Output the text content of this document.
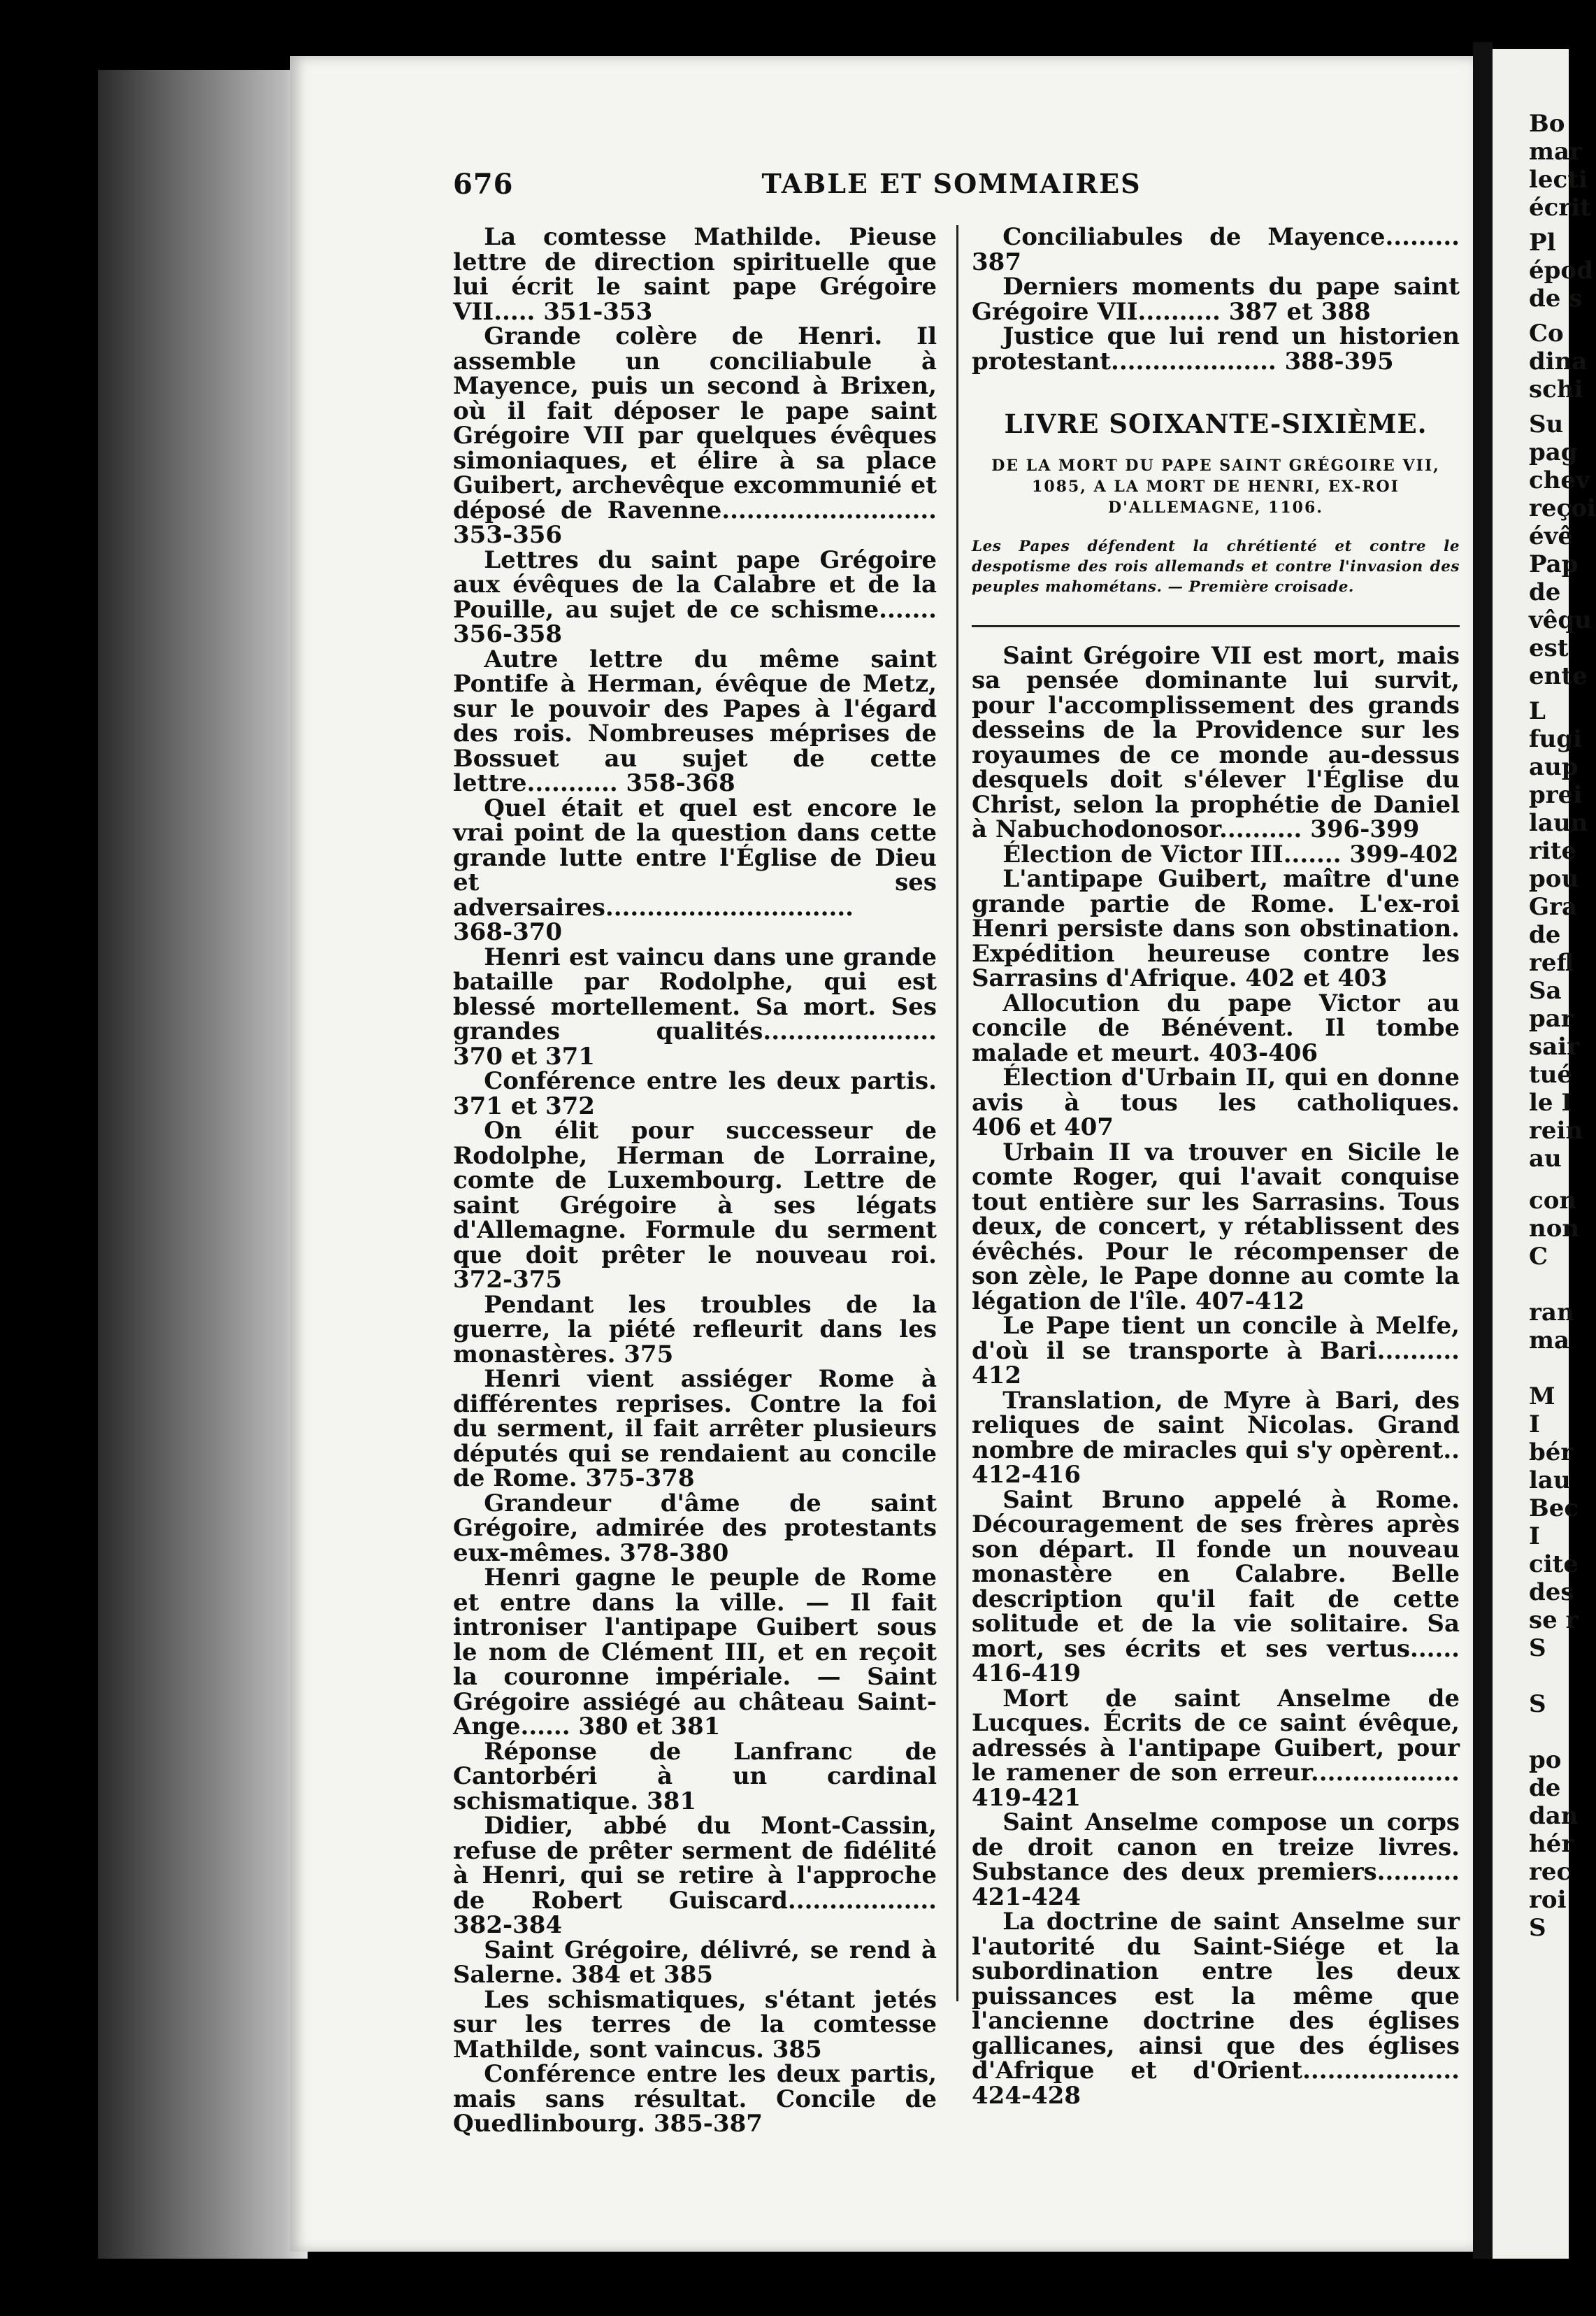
676	TABLE ET SOMMAIRES

La comtesse Mathilde. Pieuse lettre de direction spirituelle que lui écrit le saint pape Grégoire VII..... 351-353

Grande colère de Henri. Il assemble un conciliabule à Mayence, puis un second à Brixen, où il fait déposer le pape saint Grégoire VII par quelques évêques simoniaques, et élire à sa place Guibert, archevêque excommunié et déposé de Ravenne.......................... 353-356

Lettres du saint pape Grégoire aux évêques de la Calabre et de la Pouille, au sujet de ce schisme....... 356-358

Autre lettre du même saint Pontife à Herman, évêque de Metz, sur le pouvoir des Papes à l'égard des rois. Nombreuses méprises de Bossuet au sujet de cette lettre........... 358-368

Quel était et quel est encore le vrai point de la question dans cette grande lutte entre l'Église de Dieu et ses adversaires.............................. 368-370

Henri est vaincu dans une grande bataille par Rodolphe, qui est blessé mortellement. Sa mort. Ses grandes qualités..................... 370 et 371

Conférence entre les deux partis. 371 et 372

On élit pour successeur de Rodolphe, Herman de Lorraine, comte de Luxembourg. Lettre de saint Grégoire à ses légats d'Allemagne. Formule du serment que doit prêter le nouveau roi. 372-375

Pendant les troubles de la guerre, la piété refleurit dans les monastères. 375

Henri vient assiéger Rome à différentes reprises. Contre la foi du serment, il fait arrêter plusieurs députés qui se rendaient au concile de Rome. 375-378

Grandeur d'âme de saint Grégoire, admirée des protestants eux-mêmes. 378-380

Henri gagne le peuple de Rome et entre dans la ville. — Il fait introniser l'antipape Guibert sous le nom de Clément III, et en reçoit la couronne impériale. — Saint Grégoire assiégé au château Saint-Ange...... 380 et 381

Réponse de Lanfranc de Cantorbéri à un cardinal schismatique. 381

Didier, abbé du Mont-Cassin, refuse de prêter serment de fidélité à Henri, qui se retire à l'approche de Robert Guiscard.................. 382-384

Saint Grégoire, délivré, se rend à Salerne. 384 et 385

Les schismatiques, s'étant jetés sur les terres de la comtesse Mathilde, sont vaincus. 385

Conférence entre les deux partis, mais sans résultat. Concile de Quedlinbourg. 385-387

Conciliabules de Mayence......... 387

Derniers moments du pape saint Grégoire VII.......... 387 et 388

Justice que lui rend un historien protestant.................... 388-395

LIVRE SOIXANTE-SIXIÈME.
DE LA MORT DU PAPE SAINT GRÉGOIRE VII, 1085, A LA MORT DE HENRI, EX-ROI D'ALLEMAGNE, 1106.
Les Papes défendent la chrétienté et contre le despotisme des rois allemands et contre l'invasion des peuples mahométans. — Première croisade.

Saint Grégoire VII est mort, mais sa pensée dominante lui survit, pour l'accomplissement des grands desseins de la Providence sur les royaumes de ce monde au-dessus desquels doit s'élever l'Église du Christ, selon la prophétie de Daniel à Nabuchodonosor.......... 396-399

Élection de Victor III....... 399-402

L'antipape Guibert, maître d'une grande partie de Rome. L'ex-roi Henri persiste dans son obstination. Expédition heureuse contre les Sarrasins d'Afrique. 402 et 403

Allocution du pape Victor au concile de Bénévent. Il tombe malade et meurt. 403-406

Élection d'Urbain II, qui en donne avis à tous les catholiques. 406 et 407

Urbain II va trouver en Sicile le comte Roger, qui l'avait conquise tout entière sur les Sarrasins. Tous deux, de concert, y rétablissent des évêchés. Pour le récompenser de son zèle, le Pape donne au comte la légation de l'île. 407-412

Le Pape tient un concile à Melfe, d'où il se transporte à Bari.......... 412

Translation, de Myre à Bari, des reliques de saint Nicolas. Grand nombre de miracles qui s'y opèrent.. 412-416

Saint Bruno appelé à Rome. Découragement de ses frères après son départ. Il fonde un nouveau monastère en Calabre. Belle description qu'il fait de cette solitude et de la vie solitaire. Sa mort, ses écrits et ses vertus...... 416-419

Mort de saint Anselme de Lucques. Écrits de ce saint évêque, adressés à l'antipape Guibert, pour le ramener de son erreur.................. 419-421

Saint Anselme compose un corps de droit canon en treize livres. Substance des deux premiers.......... 421-424

La doctrine de saint Anselme sur l'autorité du Saint-Siége et la subordination entre les deux puissances est la même que l'ancienne doctrine des églises gallicanes, ainsi que des églises d'Afrique et d'Orient................... 424-428

Bo
mar
lecti
écrit
Pl
épod
de s
Co
dina
schi
Su
pag
chev
reçoi
évê
Pap
de
vêqu
est
ente
L
fugi
aup
prei
laun
rite
pou
Gra
de
refl
Sa
par
sair
tué
le I
rein
au
con
non
C
ran
ma
M
I
bér
lau
Bec
I
cite
des
se r
S
S
po
de
dan
hér
rec
roi
S
